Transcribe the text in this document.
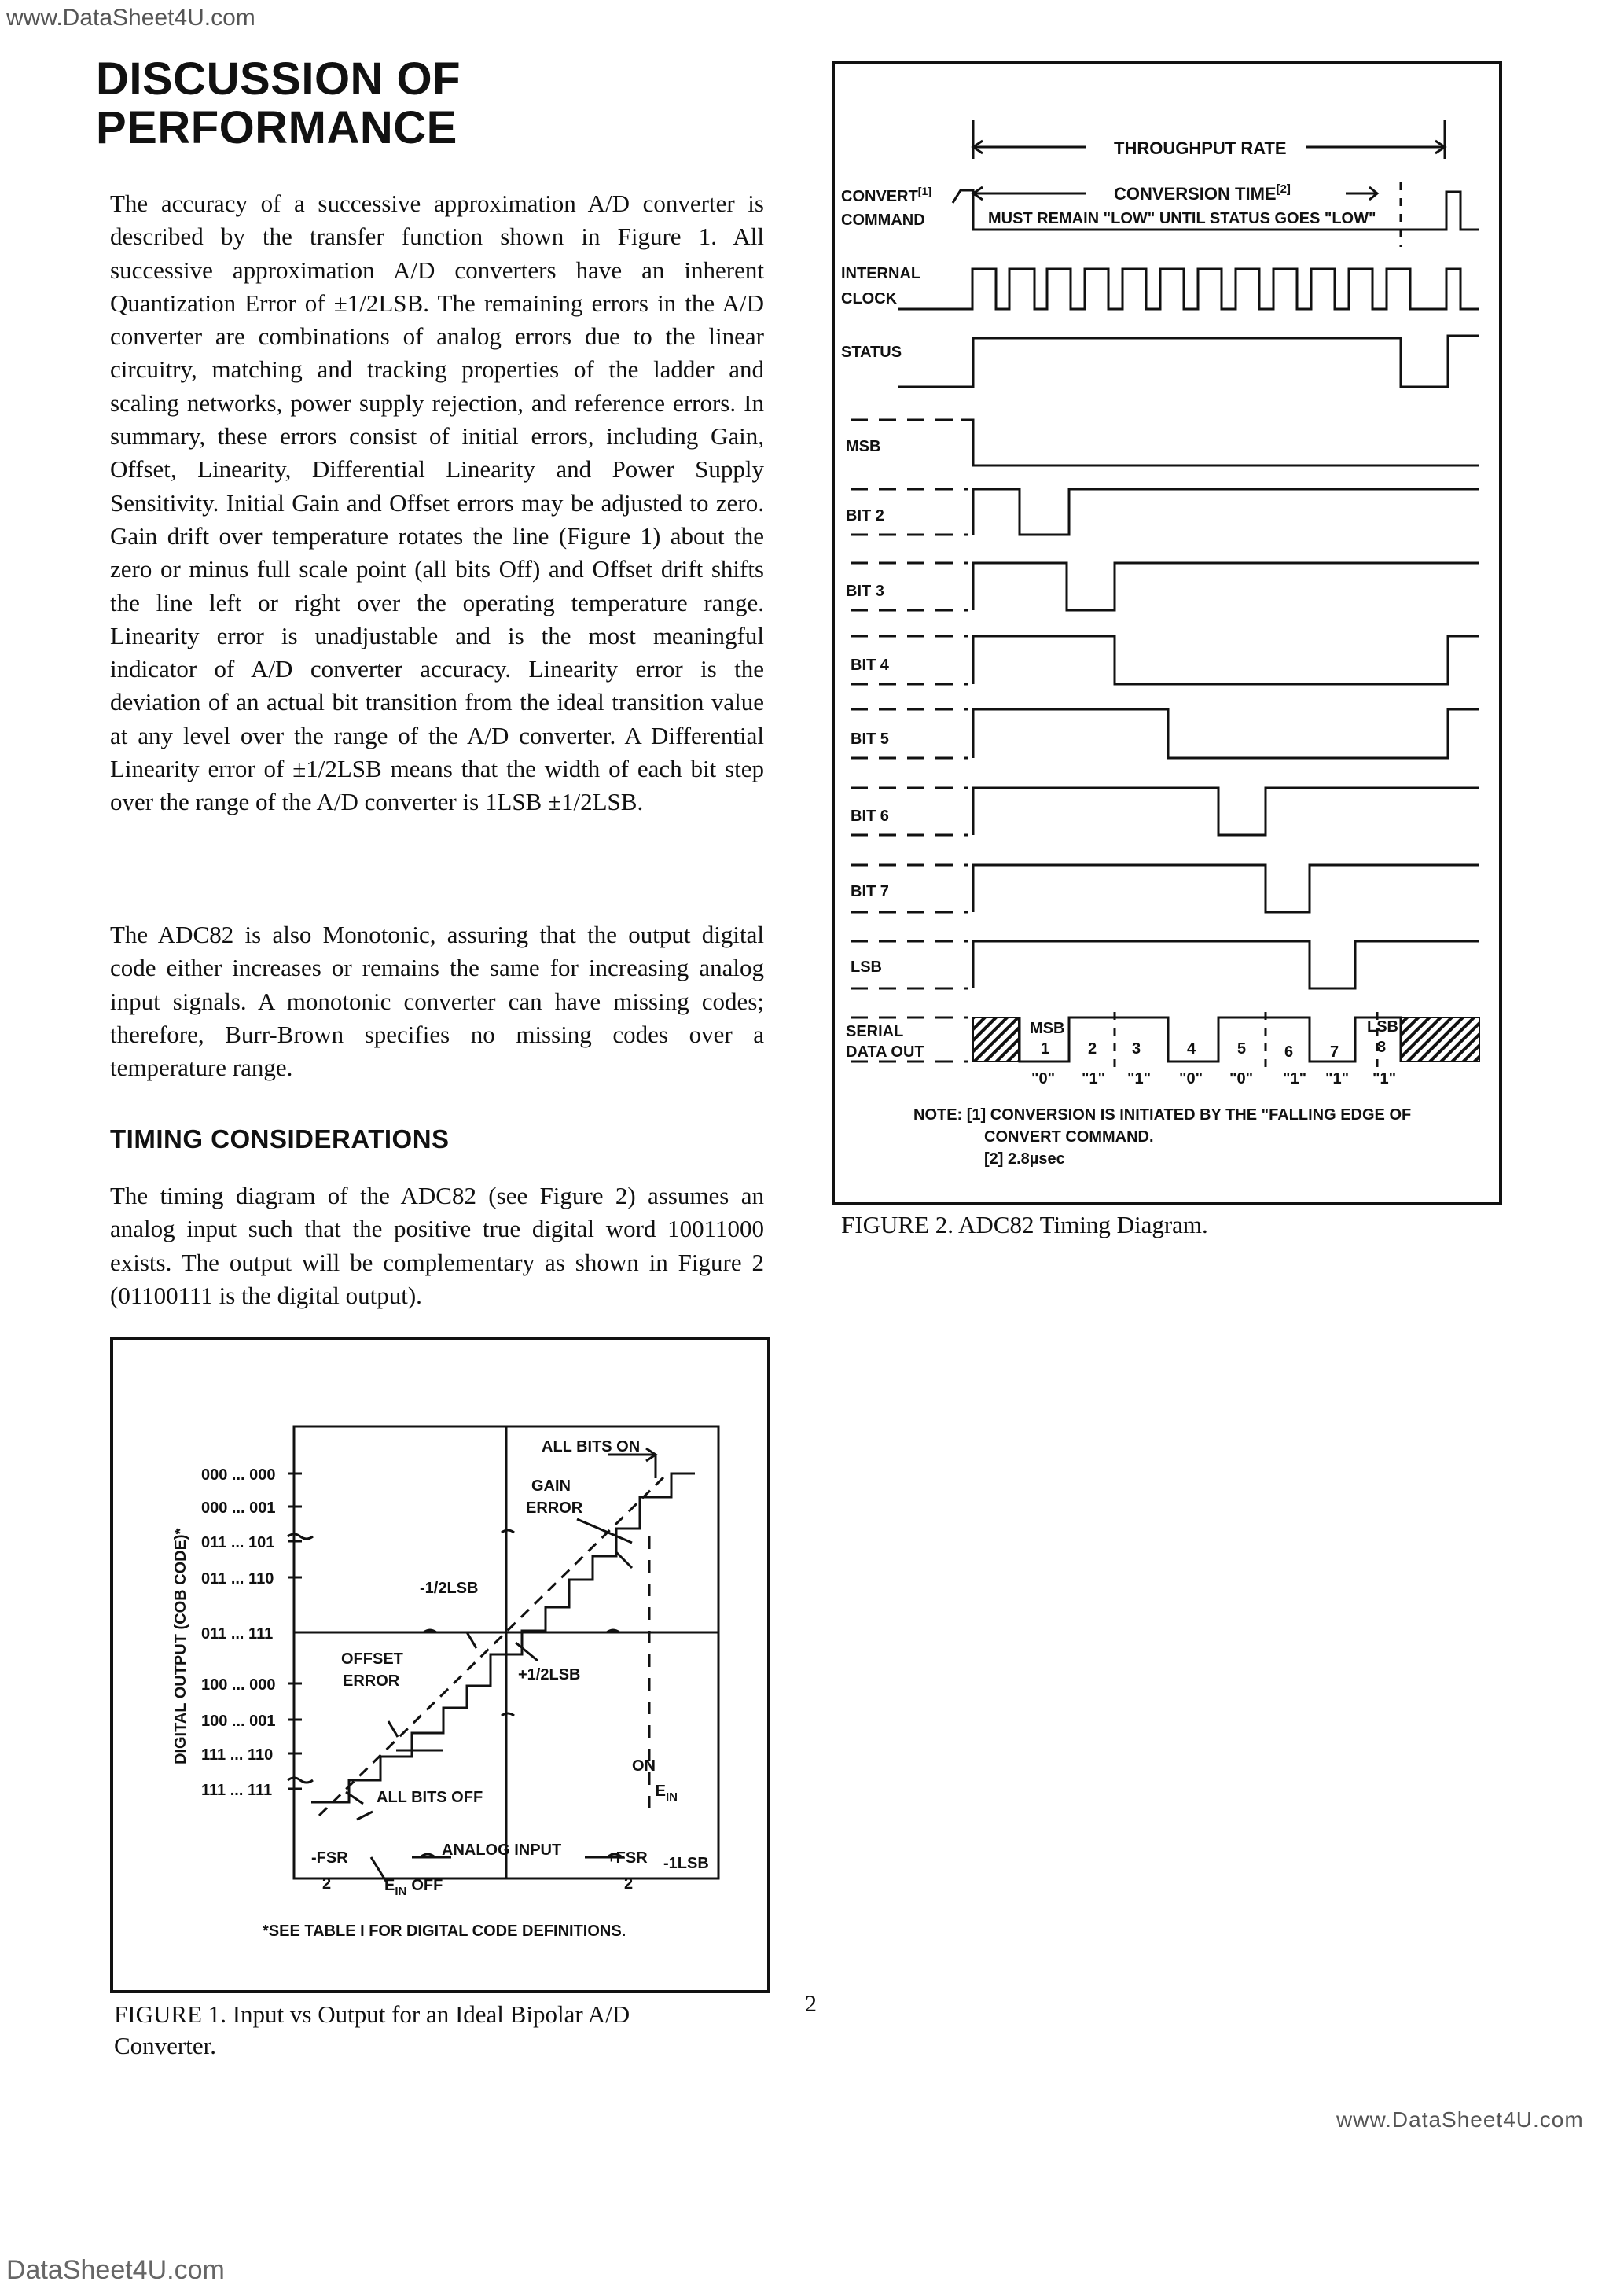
www.DataSheet4U.com
DISCUSSION OF PERFORMANCE

The accuracy of a successive approximation A/D converter is described by the transfer function shown in Figure 1. All successive approximation A/D converters have an inherent Quantization Error of ±1/2LSB. The remaining errors in the A/D converter are combinations of analog errors due to the linear circuitry, matching and tracking properties of the ladder and scaling networks, power supply rejection, and reference errors. In summary, these errors consist of initial errors, including Gain, Offset, Linearity, Differential Linearity and Power Supply Sensitivity. Initial Gain and Offset errors may be adjusted to zero. Gain drift over temperature rotates the line (Figure 1) about the zero or minus full scale point (all bits Off) and Offset drift shifts the line left or right over the operating temperature range. Linearity error is unadjustable and is the most meaningful indicator of A/D converter accuracy. Linearity error is the deviation of an actual bit transition from the ideal transition value at any level over the range of the A/D converter. A Differential Linearity error of ±1/2LSB means that the width of each bit step over the range of the A/D converter is 1LSB ±1/2LSB.

The ADC82 is also Monotonic, assuring that the output digital code either increases or remains the same for increasing analog input signals. A monotonic converter can have missing codes; therefore, Burr-Brown specifies no missing codes over a temperature range.

TIMING CONSIDERATIONS

The timing diagram of the ADC82 (see Figure 2) assumes an analog input such that the positive true digital word 10011000 exists. The output will be complementary as shown in Figure 2 (01100111 is the digital output).

000 ... 000
000 ... 001
011 ... 101
011 ... 110
011 ... 111
100 ... 000
100 ... 001
111 ... 110
111 ... 111
DIGITAL OUTPUT (COB CODE)*
ALL BITS ON
GAIN
ERROR
-1/2LSB
+1/2LSB
OFFSET
ERROR
ALL BITS OFF	$E_{IN}ON$
-FSR
2
ANALOG INPUT	+FSR
2
-1LSB
$E_{IN}$ OFF
*SEE TABLE I FOR DIGITAL CODE DEFINITIONS.
FIGURE 1. Input vs Output for an Ideal Bipolar A/D Converter.
THROUGHPUT RATE
CONVERSION TIME[2]
MUST REMAIN "LOW" UNTIL STATUS GOES "LOW"
CONVERT[1]
COMMAND
INTERNAL
CLOCK
STATUS
MSB
BIT 2
BIT 3
BIT 4
BIT 5
BIT 6
BIT 7
LSB
SERIAL
DATA OUT
MSB	LSB
1 2 3	4	5 6 7 8
"0" "1" "1" "0" "0" "1" "1" "1"
NOTE: [1] CONVERSION IS INITIATED BY THE "FALLING EDGE OF
CONVERT COMMAND.
[2] 2.8µsec
FIGURE 2. ADC82 Timing Diagram.
2
www.DataSheet4U.com
DataSheet4U.com
